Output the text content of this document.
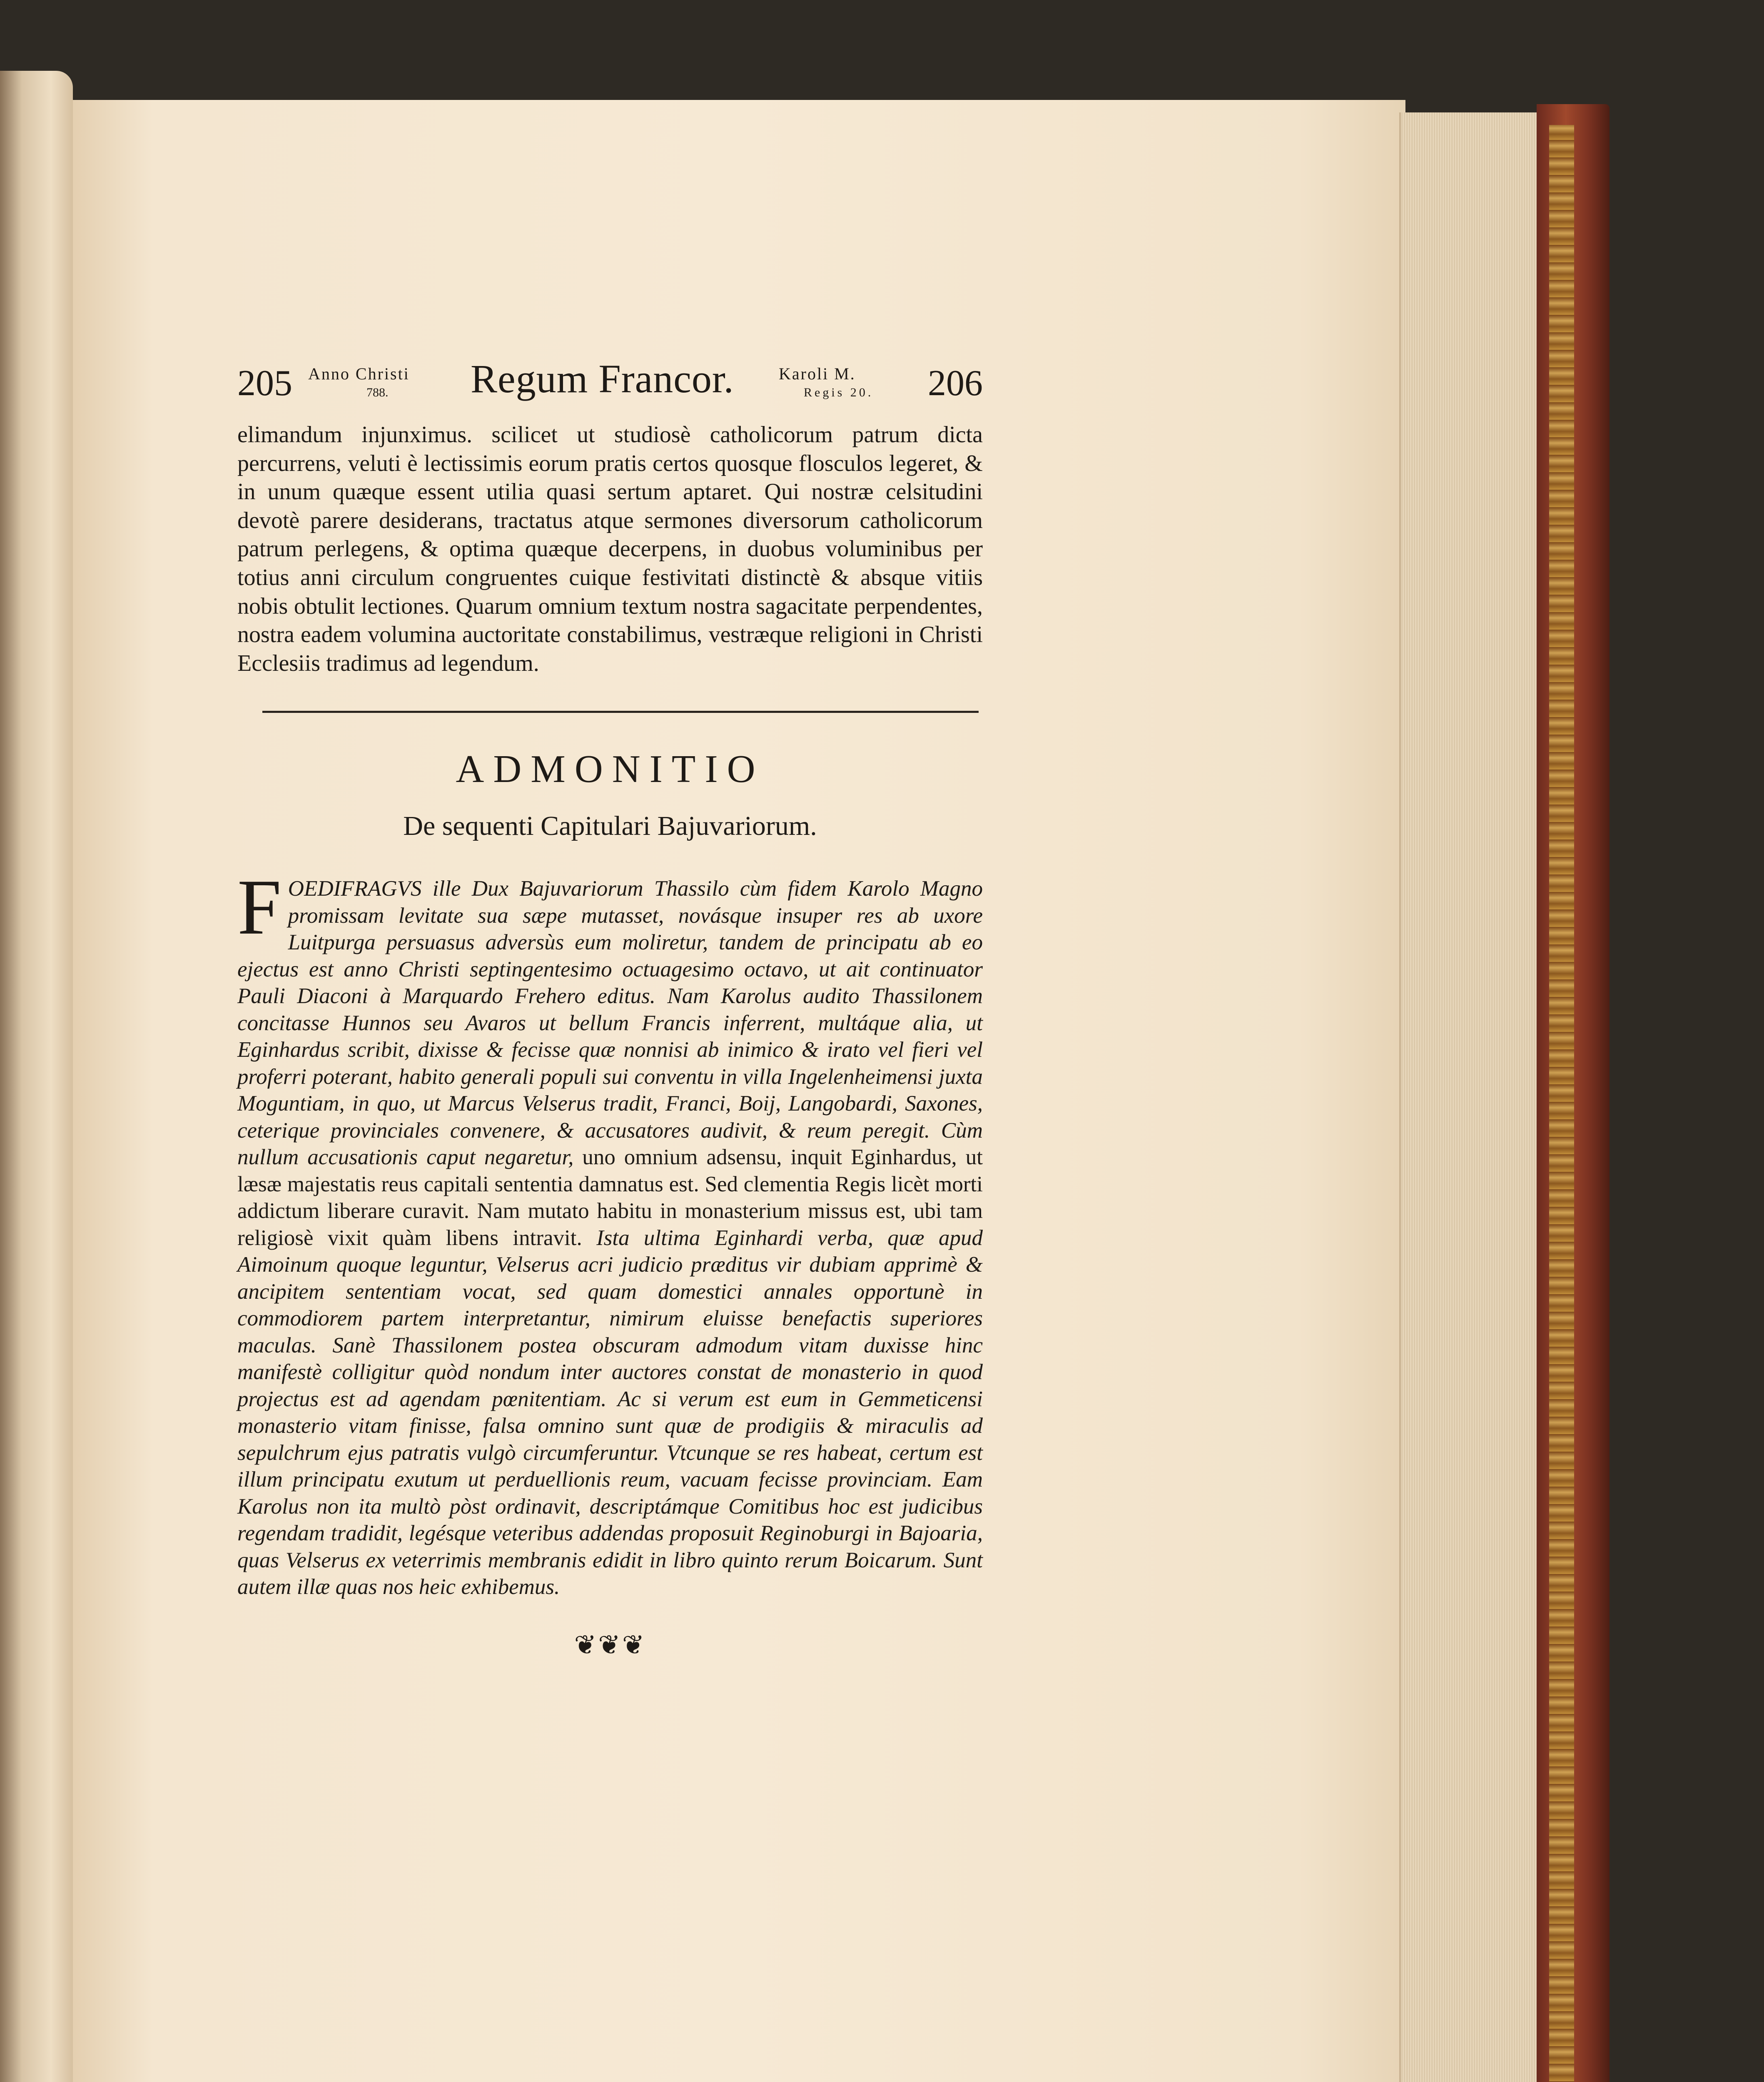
205 Anno Christi
788. Regum Francor.	Karoli M.
Regis 20. 206

elimandum injunximus. scilicet ut studiosè catholicorum patrum dicta percurrens, veluti è lectissimis eorum pratis certos quosque flosculos legeret, & in unum quæque essent utilia quasi sertum aptaret. Qui nostræ celsitudini devotè parere desiderans, tractatus atque sermones diversorum catholicorum patrum perlegens, & optima quæque decerpens, in duobus voluminibus per totius anni circulum congruentes cuique festivitati distinctè & absque vitiis nobis obtulit lectiones. Quarum omnium textum nostra sagacitate perpendentes, nostra eadem volumina auctoritate constabilimus, vestræque religioni in Christi Ecclesiis tradimus ad legendum.

ADMONITIO
De sequenti Capitulari Bajuvariorum.
FOEDIFRAGVS ille Dux Bajuvariorum Thassilo cùm fidem Karolo Magno promissam levitate sua sæpe mutasset, novásque insuper res ab uxore Luitpurga persuasus adversùs eum moliretur, tandem de principatu ab eo ejectus est anno Christi septingentesimo octuagesimo octavo, ut ait continuator Pauli Diaconi à Marquardo Frehero editus. Nam Karolus audito Thassilonem concitasse Hunnos seu Avaros ut bellum Francis inferrent, multáque alia, ut Eginhardus scribit, dixisse & fecisse quæ nonnisi ab inimico & irato vel fieri vel proferri poterant, habito generali populi sui conventu in villa Ingelenheimensi juxta Moguntiam, in quo, ut Marcus Velserus tradit, Franci, Boij, Langobardi, Saxones, ceterique provinciales convenere, & accusatores audivit, & reum peregit. Cùm nullum accusationis caput negaretur, uno omnium adsensu, inquit Eginhardus, ut læsæ majestatis reus capitali sententia damnatus est. Sed clementia Regis licèt morti addictum liberare curavit. Nam mutato habitu in monasterium missus est, ubi tam religiosè vixit quàm libens intravit. Ista ultima Eginhardi verba, quæ apud Aimoinum quoque leguntur, Velserus acri judicio præditus vir dubiam apprimè & ancipitem sententiam vocat, sed quam domestici annales opportunè in commodiorem partem interpretantur, nimirum eluisse benefactis superiores maculas. Sanè Thassilonem postea obscuram admodum vitam duxisse hinc manifestè colligitur quòd nondum inter auctores constat de monasterio in quod projectus est ad agendam pœnitentiam. Ac si verum est eum in Gemmeticensi monasterio vitam finisse, falsa omnino sunt quæ de prodigiis & miraculis ad sepulchrum ejus patratis vulgò circumferuntur. Vtcunque se res habeat, certum est illum principatu exutum ut perduellionis reum, vacuam fecisse provinciam. Eam Karolus non ita multò pòst ordinavit, descriptámque Comitibus hoc est judicibus regendam tradidit, legésque veteribus addendas proposuit Reginoburgi in Bajoaria, quas Velserus ex veterrimis membranis edidit in libro quinto rerum Boicarum. Sunt autem illæ quas nos heic exhibemus.
❦❦❦
